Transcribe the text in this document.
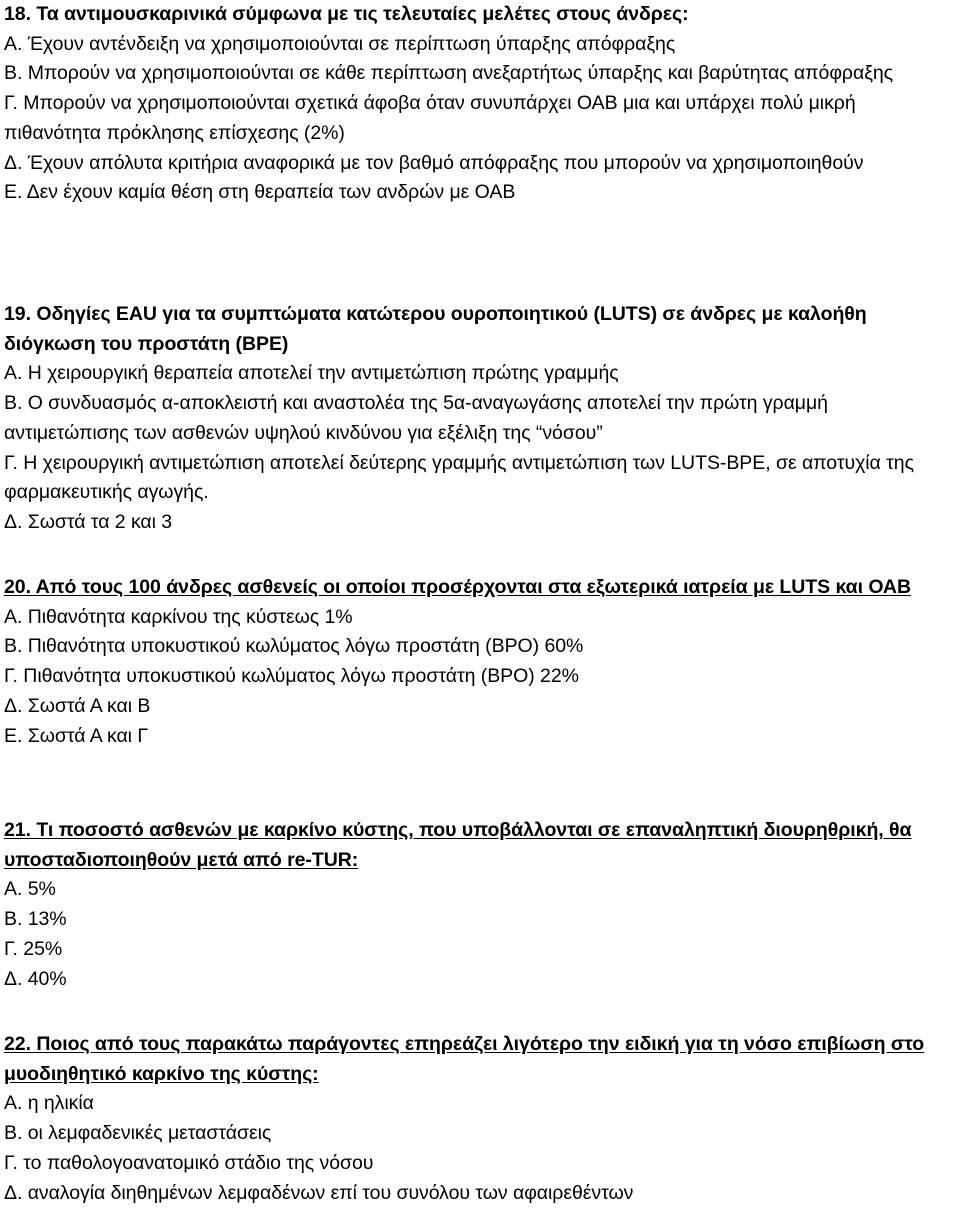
18. Τα αντιμουσκαρινικά σύμφωνα με τις τελευταίες μελέτες στους άνδρες:
Α. Έχουν αντένδειξη να χρησιμοποιούνται σε περίπτωση ύπαρξης απόφραξης
Β. Μπορούν να χρησιμοποιούνται σε κάθε περίπτωση ανεξαρτήτως ύπαρξης και βαρύτητας απόφραξης
Γ. Μπορούν να χρησιμοποιούνται σχετικά άφοβα όταν συνυπάρχει ΟΑΒ μια και υπάρχει πολύ μικρή πιθανότητα πρόκλησης επίσχεσης (2%)
Δ. Έχουν απόλυτα κριτήρια αναφορικά με τον βαθμό απόφραξης που μπορούν να χρησιμοποιηθούν
Ε. Δεν έχουν καμία θέση στη θεραπεία των ανδρών με ΟΑΒ
19. Οδηγίες EAU για τα συμπτώματα κατώτερου ουροποιητικού (LUTS) σε άνδρες με καλοήθη διόγκωση του προστάτη (BPE)
Α. Η χειρουργική θεραπεία αποτελεί την αντιμετώπιση πρώτης γραμμής
Β. Ο συνδυασμός α-αποκλειστή και αναστολέα της 5α-αναγωγάσης αποτελεί την πρώτη γραμμή αντιμετώπισης των ασθενών υψηλού κινδύνου για εξέλιξη της “νόσου”
Γ. Η χειρουργική αντιμετώπιση αποτελεί δεύτερης γραμμής αντιμετώπιση των LUTS-BPE, σε αποτυχία της φαρμακευτικής αγωγής.
Δ. Σωστά τα 2 και 3
20. Από τους 100 άνδρες ασθενείς οι οποίοι προσέρχονται στα εξωτερικά ιατρεία με LUTS και ΟΑΒ
Α. Πιθανότητα καρκίνου της κύστεως 1%
Β. Πιθανότητα υποκυστικού κωλύματος λόγω προστάτη (BPO) 60%
Γ. Πιθανότητα υποκυστικού κωλύματος λόγω προστάτη (BPO) 22%
Δ. Σωστά Α και Β
Ε. Σωστά Α και Γ
21. Τι ποσοστό ασθενών με καρκίνο κύστης, που υποβάλλονται σε επαναληπτική διουρηθρική, θα υποσταδιοποιηθούν μετά από re-TUR:
Α. 5%
Β. 13%
Γ. 25%
Δ. 40%
22. Ποιος από τους παρακάτω παράγοντες επηρεάζει λιγότερο την ειδική για τη νόσο επιβίωση στο μυοδιηθητικό καρκίνο της κύστης:
Α. η ηλικία
Β. οι λεμφαδενικές μεταστάσεις
Γ. το παθολογοανατομικό στάδιο της νόσου
Δ. αναλογία διηθημένων λεμφαδένων επί του συνόλου των αφαιρεθέντων
